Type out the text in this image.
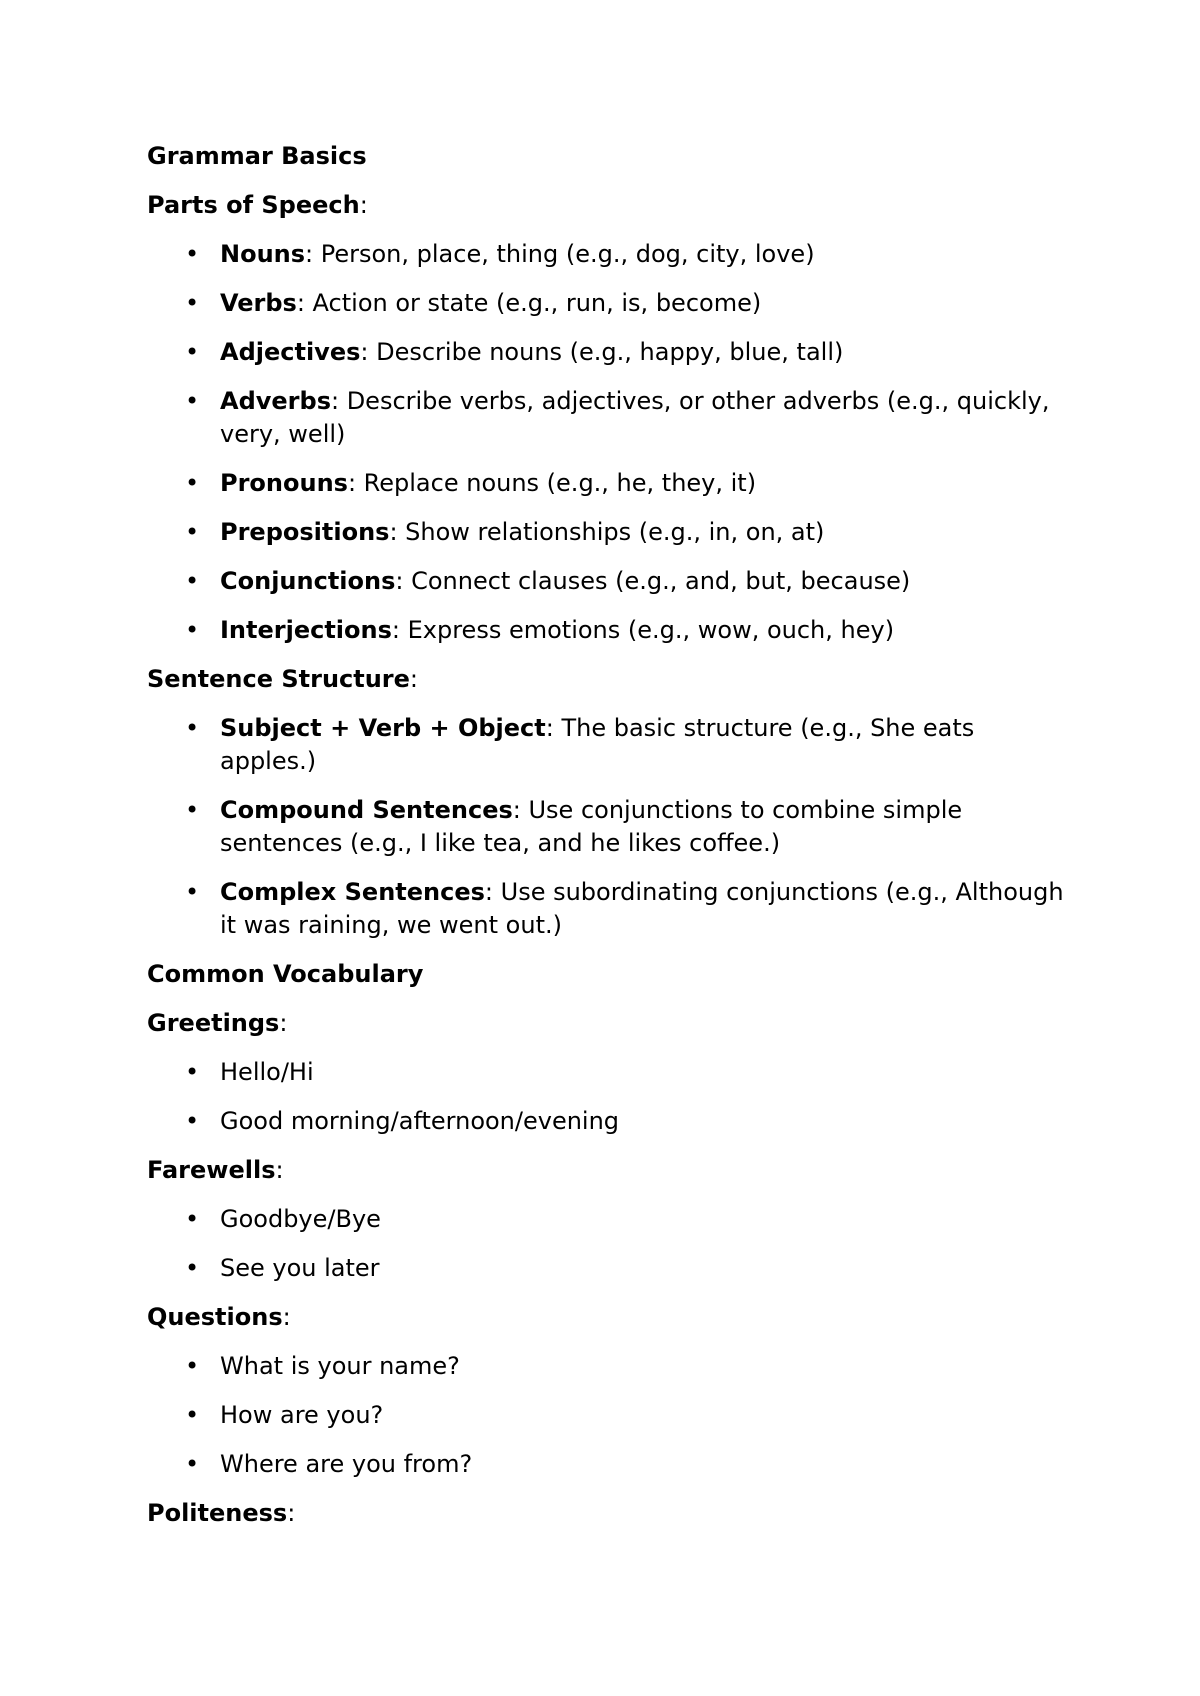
Grammar Basics
Parts of Speech:
• Nouns: Person, place, thing (e.g., dog, city, love)
• Verbs: Action or state (e.g., run, is, become)
• Adjectives: Describe nouns (e.g., happy, blue, tall)
• Adverbs: Describe verbs, adjectives, or other adverbs (e.g., quickly, very, well)
• Pronouns: Replace nouns (e.g., he, they, it)
• Prepositions: Show relationships (e.g., in, on, at)
• Conjunctions: Connect clauses (e.g., and, but, because)
• Interjections: Express emotions (e.g., wow, ouch, hey)
Sentence Structure:
• Subject + Verb + Object: The basic structure (e.g., She eats apples.)
• Compound Sentences: Use conjunctions to combine simple sentences (e.g., I like tea, and he likes coffee.)
• Complex Sentences: Use subordinating conjunctions (e.g., Although it was raining, we went out.)
Common Vocabulary
Greetings:
• Hello/Hi
• Good morning/afternoon/evening
Farewells:
• Goodbye/Bye
• See you later
Questions:
• What is your name?
• How are you?
• Where are you from?
Politeness:
